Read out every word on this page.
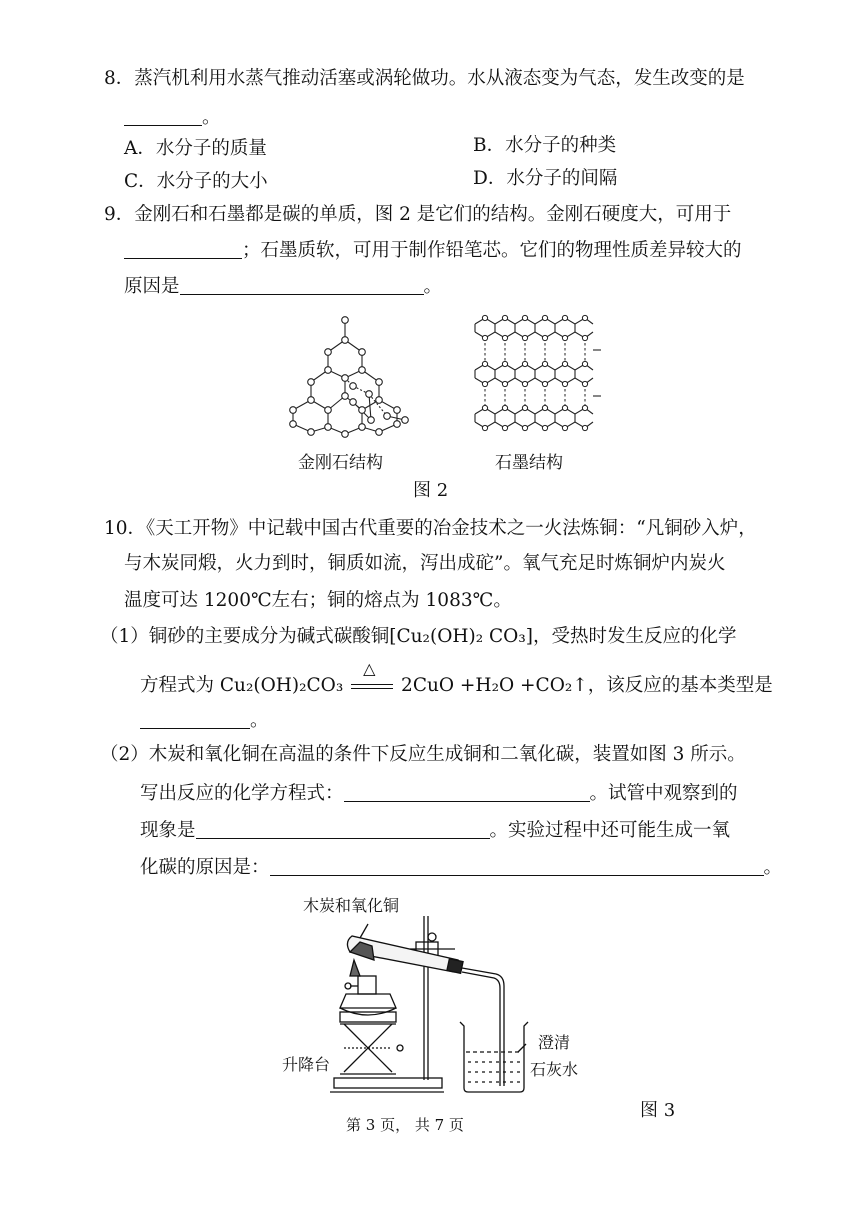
8．蒸汽机利用水蒸气推动活塞或涡轮做功。水从液态变为气态，发生改变的是
。
A．水分子的质量	B．水分子的种类
C．水分子的大小	D．水分子的间隔
9．金刚石和石墨都是碳的单质，图 2 是它们的结构。金刚石硬度大，可用于
；石墨质软，可用于制作铅笔芯。它们的物理性质差异较大的
原因是	。
金刚石结构	石墨结构
图 2
10．《天工开物》中记载中国古代重要的冶金技术之一火法炼铜：“凡铜砂入炉，
与木炭同煅，火力到时，铜质如流，泻出成砣”。氧气充足时炼铜炉内炭火
温度可达 1200℃左右；铜的熔点为 1083℃。
（1）铜砂的主要成分为碱式碳酸铜[Cu₂(OH)₂ CO₃]，受热时发生反应的化学
方程式为 Cu₂(OH)₂CO₃
△
2CuO +H₂O +CO₂↑，该反应的基本类型是
。
（2）木炭和氧化铜在高温的条件下反应生成铜和二氧化碳，装置如图 3 所示。
写出反应的化学方程式：	。试管中观察到的
现象是	。实验过程中还可能生成一氧
化碳的原因是：	。
木炭和氧化铜
升降台
澄清
石灰水
图 3
第 3 页， 共 7 页
